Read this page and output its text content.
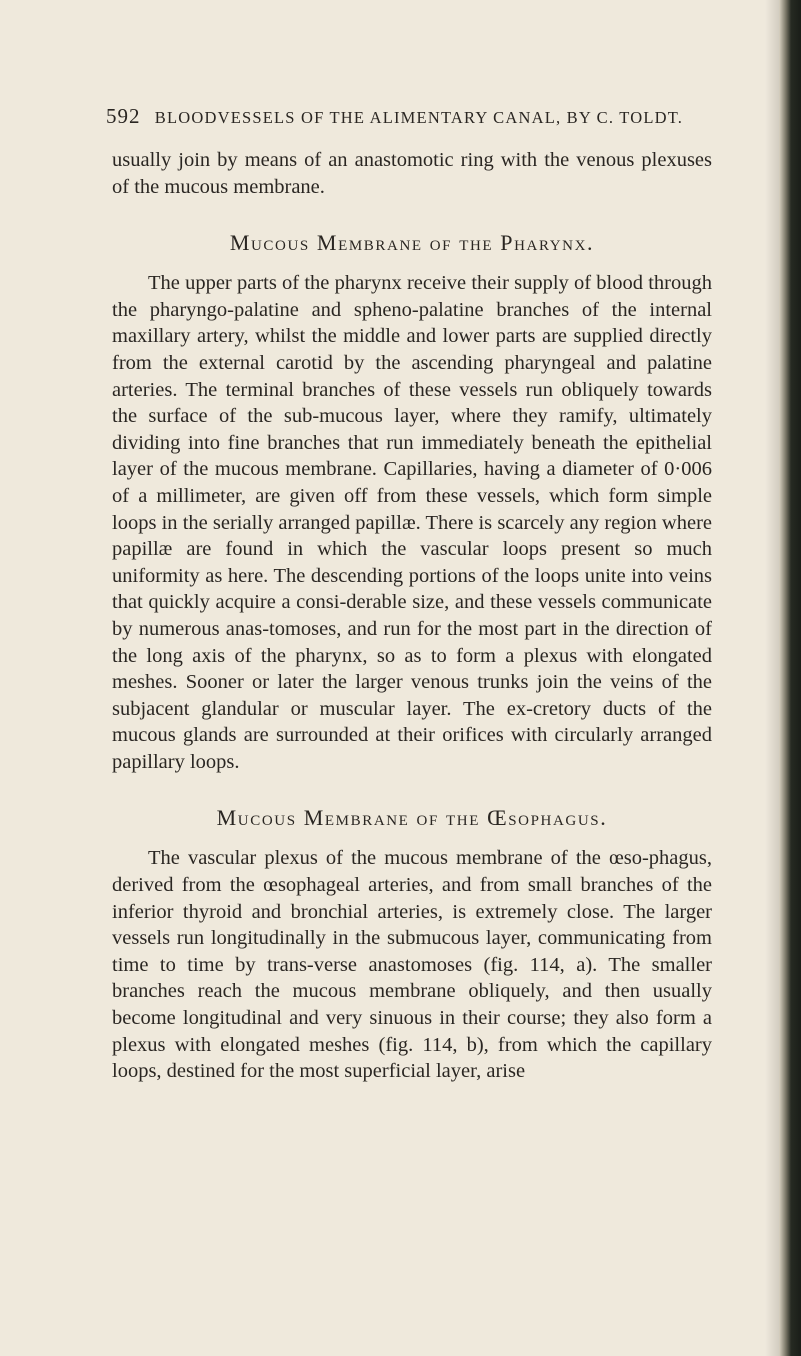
592 BLOODVESSELS OF THE ALIMENTARY CANAL, BY C. TOLDT.

usually join by means of an anastomotic ring with the venous plexuses of the mucous membrane.

Mucous Membrane of the Pharynx.

The upper parts of the pharynx receive their supply of blood through the pharyngo-palatine and spheno-palatine branches of the internal maxillary artery, whilst the middle and lower parts are supplied directly from the external carotid by the ascending pharyngeal and palatine arteries. The terminal branches of these vessels run obliquely towards the surface of the sub-mucous layer, where they ramify, ultimately dividing into fine branches that run immediately beneath the epithelial layer of the mucous membrane. Capillaries, having a diameter of 0·006 of a millimeter, are given off from these vessels, which form simple loops in the serially arranged papillæ. There is scarcely any region where papillæ are found in which the vascular loops present so much uniformity as here. The descending portions of the loops unite into veins that quickly acquire a consi-derable size, and these vessels communicate by numerous anas-tomoses, and run for the most part in the direction of the long axis of the pharynx, so as to form a plexus with elongated meshes. Sooner or later the larger venous trunks join the veins of the subjacent glandular or muscular layer. The ex-cretory ducts of the mucous glands are surrounded at their orifices with circularly arranged papillary loops.

Mucous Membrane of the Œsophagus.

The vascular plexus of the mucous membrane of the œso-phagus, derived from the œsophageal arteries, and from small branches of the inferior thyroid and bronchial arteries, is extremely close. The larger vessels run longitudinally in the submucous layer, communicating from time to time by trans-verse anastomoses (fig. 114, a). The smaller branches reach the mucous membrane obliquely, and then usually become longitudinal and very sinuous in their course; they also form a plexus with elongated meshes (fig. 114, b), from which the capillary loops, destined for the most superficial layer, arise
